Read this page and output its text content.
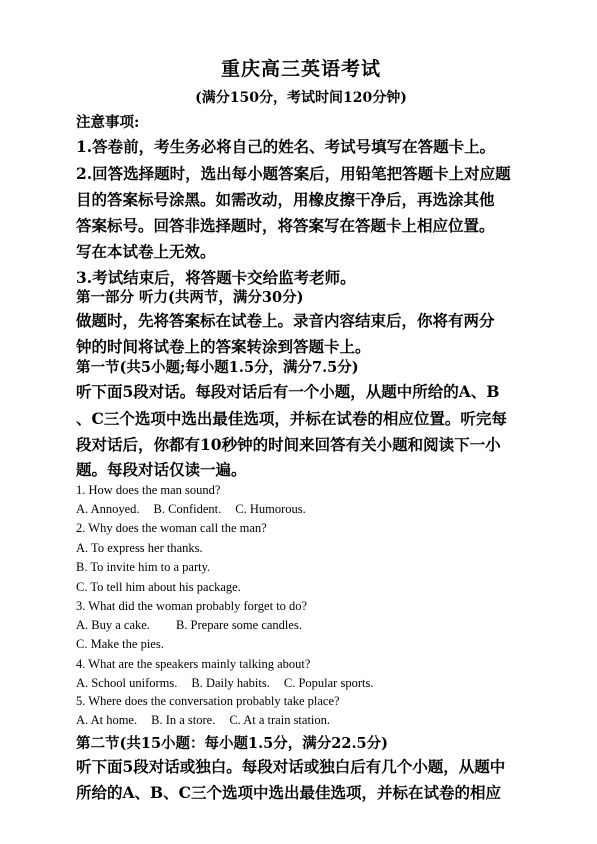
重庆高三英语考试

(满分150分，考试时间120分钟)

注意事项:

1.答卷前，考生务必将自己的姓名、考试号填写在答题卡上。

2.回答选择题时，选出每小题答案后，用铅笔把答题卡上对应题

目的答案标号涂黑。如需改动，用橡皮擦干净后，再选涂其他

答案标号。回答非选择题时，将答案写在答题卡上相应位置。

写在本试卷上无效。

3.考试结束后，将答题卡交给监考老师。

第一部分 听力(共两节，满分30分)

做题时，先将答案标在试卷上。录音内容结束后，你将有两分

钟的时间将试卷上的答案转涂到答题卡上。

第一节(共5小题;每小题1.5分，满分7.5分)

听下面5段对话。每段对话后有一个小题，从题中所给的A、B

、C三个选项中选出最佳选项，并标在试卷的相应位置。听完每

段对话后，你都有10秒钟的时间来回答有关小题和阅读下一小

题。每段对话仅读一遍。

1. How does the man sound?

A. Annoyed. B. Confident. C. Humorous.

2. Why does the woman call the man?

A. To express her thanks.

B. To invite him to a party.

C. To tell him about his package.

3. What did the woman probably forget to do?

A. Buy a cake. B. Prepare some candles.

C. Make the pies.

4. What are the speakers mainly talking about?

A. School uniforms. B. Daily habits. C. Popular sports.

5. Where does the conversation probably take place?

A. At home. B. In a store. C. At a train station.

第二节(共15小题：每小题1.5分，满分22.5分)

听下面5段对话或独白。每段对话或独白后有几个小题，从题中

所给的A、B、C三个选项中选出最佳选项，并标在试卷的相应
